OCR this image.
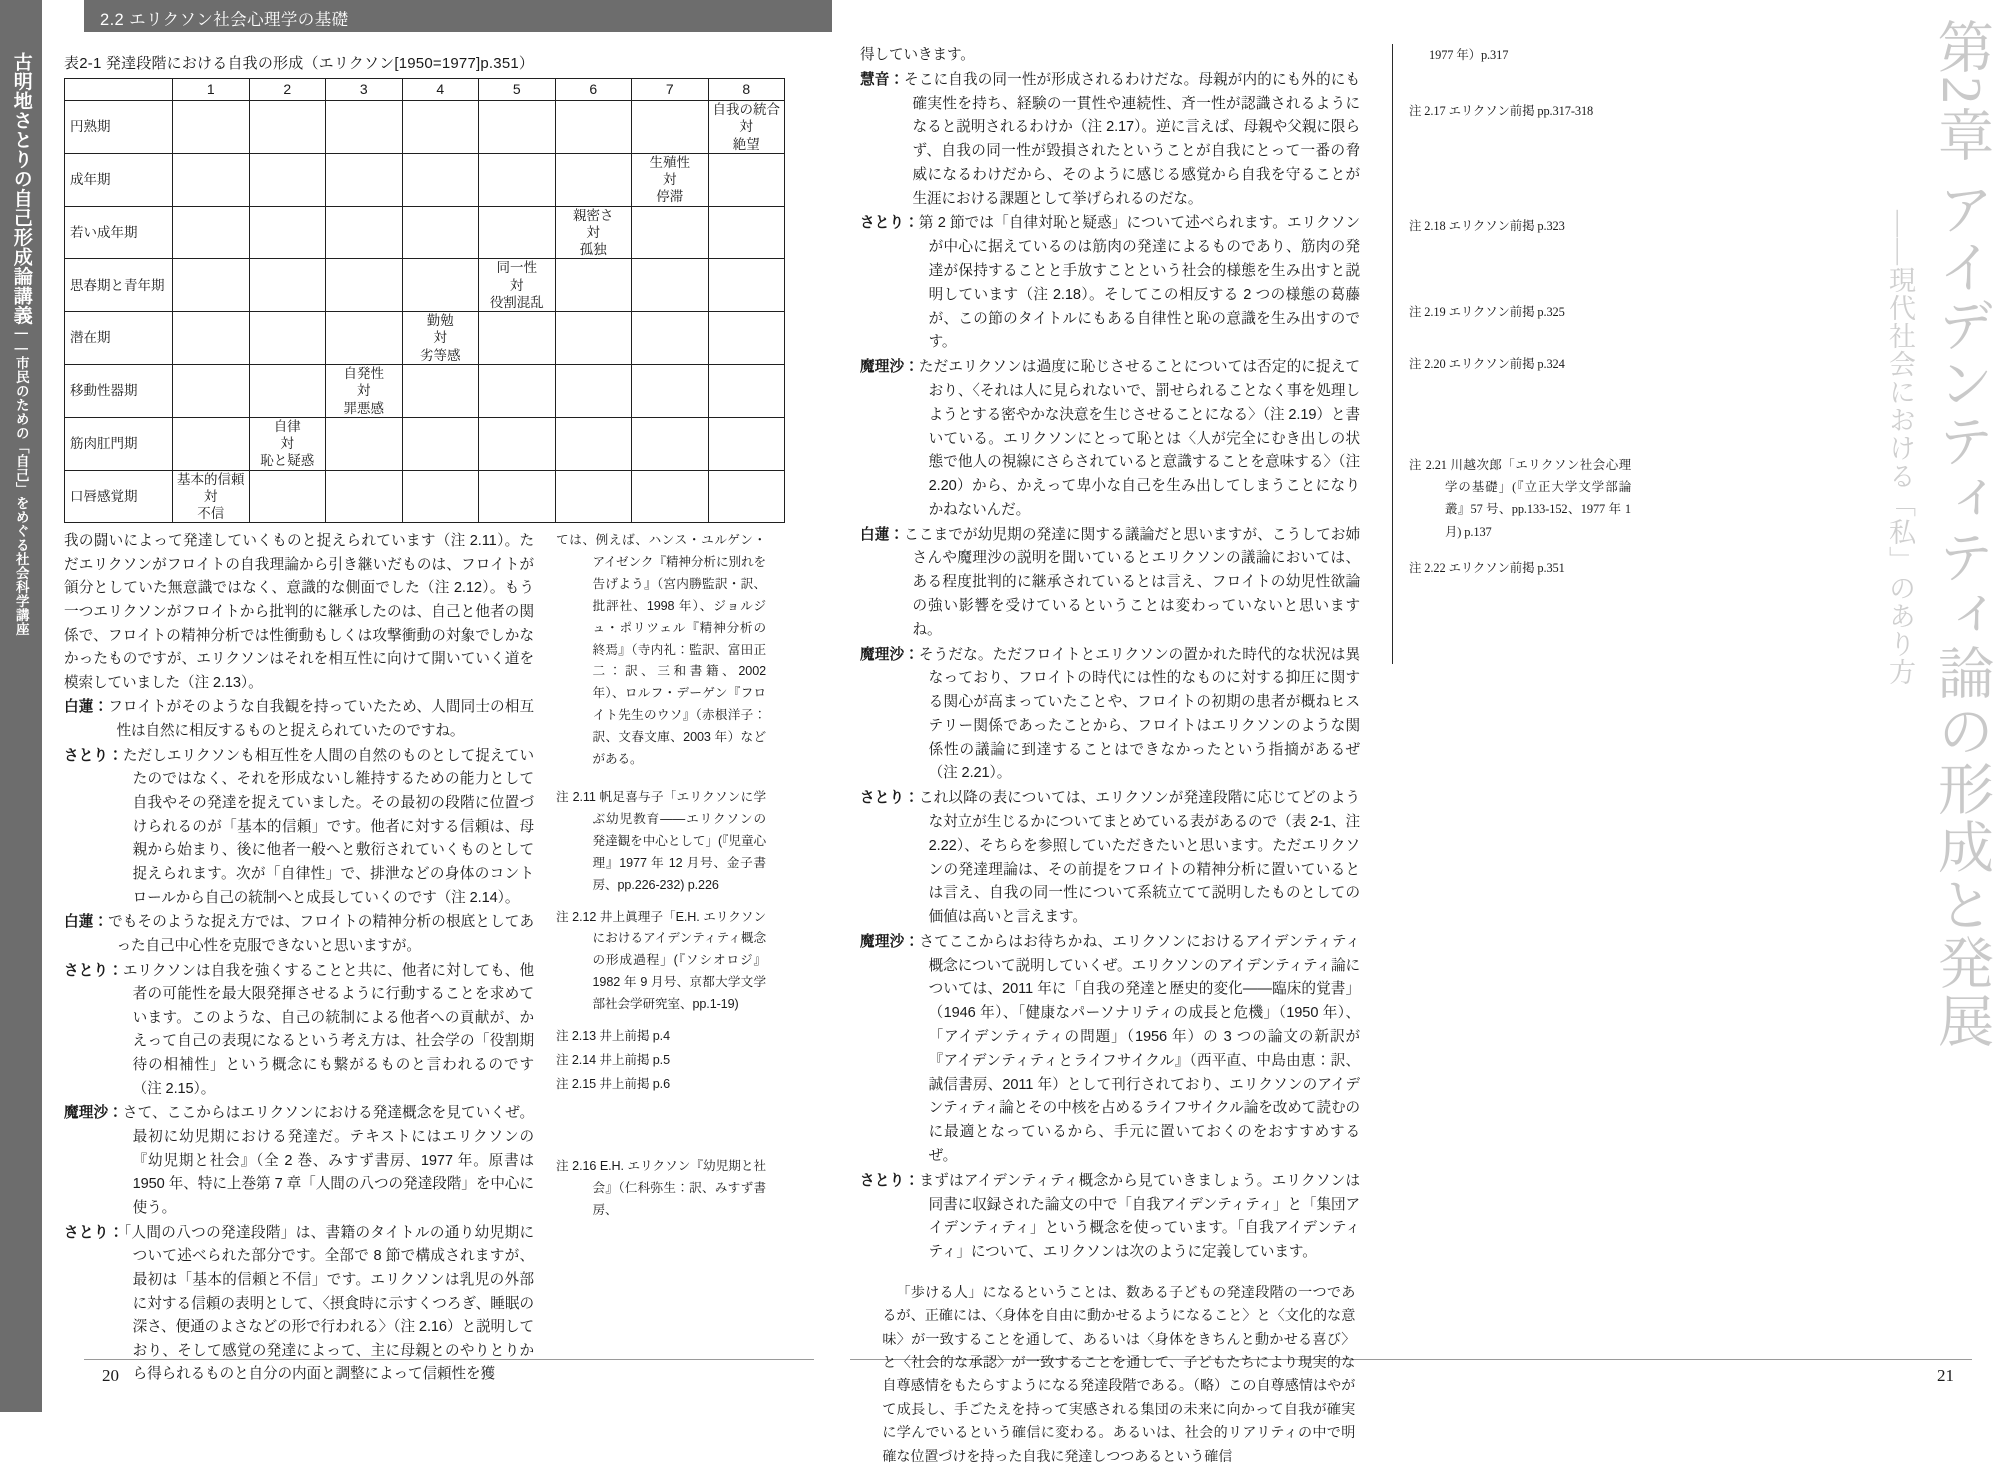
古明地さとりの自己形成論講義——市民のための「自己」をめぐる社会科学講座
2.2 エリクソン社会心理学の基礎
表2-1 発達段階における自我の形成（エリクソン[1950=1977]p.351）
	1	2	3	4	5	6	7	8
円熟期								自我の統合
対
絶望

成年期							生殖性
対
停滞	

若い成年期						親密さ
対
孤独		

思春期と青年期					同一性
対
役割混乱			

潜在期				勤勉
対
劣等感				

移動性器期			自発性
対
罪悪感					

筋肉肛門期		自律
対
恥と疑惑						

口唇感覚期	基本的信頼
対
不信							

我の闘いによって発達していくものと捉えられています（注 2.11）。ただエリクソンがフロイトの自我理論から引き継いだものは、フロイトが領分としていた無意識ではなく、意識的な側面でした（注 2.12）。もう一つエリクソンがフロイトから批判的に継承したのは、自己と他者の関係で、フロイトの精神分析では性衝動もしくは攻撃衝動の対象でしかなかったものですが、エリクソンはそれを相互性に向けて開いていく道を模索していました（注 2.13）。

白蓮：フロイトがそのような自我観を持っていたため、人間同士の相互性は自然に相反するものと捉えられていたのですね。

さとり：ただしエリクソンも相互性を人間の自然のものとして捉えていたのではなく、それを形成ないし維持するための能力として自我やその発達を捉えていました。その最初の段階に位置づけられるのが「基本的信頼」です。他者に対する信頼は、母親から始まり、後に他者一般へと敷衍されていくものとして捉えられます。次が「自律性」で、排泄などの身体のコントロールから自己の統制へと成長していくのです（注 2.14）。

白蓮：でもそのような捉え方では、フロイトの精神分析の根底としてあった自己中心性を克服できないと思いますが。

さとり：エリクソンは自我を強くすることと共に、他者に対しても、他者の可能性を最大限発揮させるように行動することを求めています。このような、自己の統制による他者への貢献が、かえって自己の表現になるという考え方は、社会学の「役割期待の相補性」という概念にも繋がるものと言われるのです（注 2.15）。

魔理沙：さて、ここからはエリクソンにおける発達概念を見ていくぜ。最初に幼児期における発達だ。テキストにはエリクソンの『幼児期と社会』（全 2 巻、みすず書房、1977 年。原書は 1950 年、特に上巻第 7 章「人間の八つの発達段階」を中心に使う。

さとり：「人間の八つの発達段階」は、書籍のタイトルの通り幼児期について述べられた部分です。全部で 8 節で構成されますが、最初は「基本的信頼と不信」です。エリクソンは乳児の外部に対する信頼の表明として、〈摂食時に示すくつろぎ、睡眠の深さ、便通のよさなどの形で行われる〉（注 2.16）と説明しており、そして感覚の発達によって、主に母親とのやりとりから得られるものと自分の内面と調整によって信頼性を獲

ては、例えば、ハンス・ユルゲン・アイゼンク『精神分析に別れを告げよう』（宮内勝監訳・訳、批評社、1998 年）、ジョルジュ・ポリツェル『精神分析の終焉』（寺内礼：監訳、富田正二：訳、三和書籍、2002 年）、ロルフ・デーゲン『フロイト先生のウソ』（赤根洋子：訳、文春文庫、2003 年）などがある。

注 2.11 帆足喜与子「エリクソンに学ぶ幼児教育——エリクソンの発達観を中心として」(『児童心理』1977 年 12 月号、金子書房、pp.226-232) p.226

注 2.12 井上眞理子「E.H. エリクソンにおけるアイデンティティ概念の形成過程」(『ソシオロジ』1982 年 9 月号、京都大学文学部社会学研究室、pp.1-19)

注 2.13 井上前掲 p.4

注 2.14 井上前掲 p.5

注 2.15 井上前掲 p.6

注 2.16 E.H. エリクソン『幼児期と社会』（仁科弥生：訳、みすず書房、

20
第2章 アイデンティティ論の形成と発展
——現代社会における「私」のあり方

得していきます。

慧音：そこに自我の同一性が形成されるわけだな。母親が内的にも外的にも確実性を持ち、経験の一貫性や連続性、斉一性が認識されるようになると説明されるわけか（注 2.17）。逆に言えば、母親や父親に限らず、自我の同一性が毀損されたということが自我にとって一番の脅威になるわけだから、そのように感じる感覚から自我を守ることが生涯における課題として挙げられるのだな。

さとり：第 2 節では「自律対恥と疑惑」について述べられます。エリクソンが中心に据えているのは筋肉の発達によるものであり、筋肉の発達が保持することと手放すことという社会的様態を生み出すと説明しています（注 2.18）。そしてこの相反する 2 つの様態の葛藤が、この節のタイトルにもある自律性と恥の意識を生み出すのです。

魔理沙：ただエリクソンは過度に恥じさせることについては否定的に捉えており、〈それは人に見られないで、罰せられることなく事を処理しようとする密やかな決意を生じさせることになる〉（注 2.19）と書いている。エリクソンにとって恥とは〈人が完全にむき出しの状態で他人の視線にさらされていると意識することを意味する〉（注 2.20）から、かえって卑小な自己を生み出してしまうことになりかねないんだ。

白蓮：ここまでが幼児期の発達に関する議論だと思いますが、こうしてお姉さんや魔理沙の説明を聞いているとエリクソンの議論においては、ある程度批判的に継承されているとは言え、フロイトの幼児性欲論の強い影響を受けているということは変わっていないと思いますね。

魔理沙：そうだな。ただフロイトとエリクソンの置かれた時代的な状況は異なっており、フロイトの時代には性的なものに対する抑圧に関する関心が高まっていたことや、フロイトの初期の患者が概ねヒステリー関係であったことから、フロイトはエリクソンのような関係性の議論に到達することはできなかったという指摘があるぜ（注 2.21）。

さとり：これ以降の表については、エリクソンが発達段階に応じてどのような対立が生じるかについてまとめている表があるので（表 2-1、注 2.22）、そちらを参照していただきたいと思います。ただエリクソンの発達理論は、その前提をフロイトの精神分析に置いているとは言え、自我の同一性について系統立てて説明したものとしての価値は高いと言えます。

魔理沙：さてここからはお待ちかね、エリクソンにおけるアイデンティティ概念について説明していくぜ。エリクソンのアイデンティティ論については、2011 年に「自我の発達と歴史的変化——臨床的覚書」（1946 年）、「健康なパーソナリティの成長と危機」（1950 年）、「アイデンティティの問題」（1956 年）の 3 つの論文の新訳が『アイデンティティとライフサイクル』（西平直、中島由恵：訳、誠信書房、2011 年）として刊行されており、エリクソンのアイデンティティ論とその中核を占めるライフサイクル論を改めて読むのに最適となっているから、手元に置いておくのをおすすめするぜ。

さとり：まずはアイデンティティ概念から見ていきましょう。エリクソンは同書に収録された論文の中で「自我アイデンティティ」と「集団アイデンティティ」という概念を使っています。「自我アイデンティティ」について、エリクソンは次のように定義しています。

「歩ける人」になるということは、数ある子どもの発達段階の一つであるが、正確には、〈身体を自由に動かせるようになること〉と〈文化的な意味〉が一致することを通して、あるいは〈身体をきちんと動かせる喜び〉と〈社会的な承認〉が一致することを通して、子どもたちにより現実的な自尊感情をもたらすようになる発達段階である。（略）この自尊感情はやがて成長し、手ごたえを持って実感される集団の未来に向かって自我が確実に学んでいるという確信に変わる。あるいは、社会的リアリティの中で明確な位置づけを持った自我に発達しつつあるという確信

1977 年）p.317

注 2.17 エリクソン前掲 pp.317-318

注 2.18 エリクソン前掲 p.323

注 2.19 エリクソン前掲 p.325

注 2.20 エリクソン前掲 p.324

注 2.21 川越次郎「エリクソン社会心理学の基礎」(『立正大学文学部論叢』57 号、pp.133-152、1977 年 1 月) p.137

注 2.22 エリクソン前掲 p.351

21
